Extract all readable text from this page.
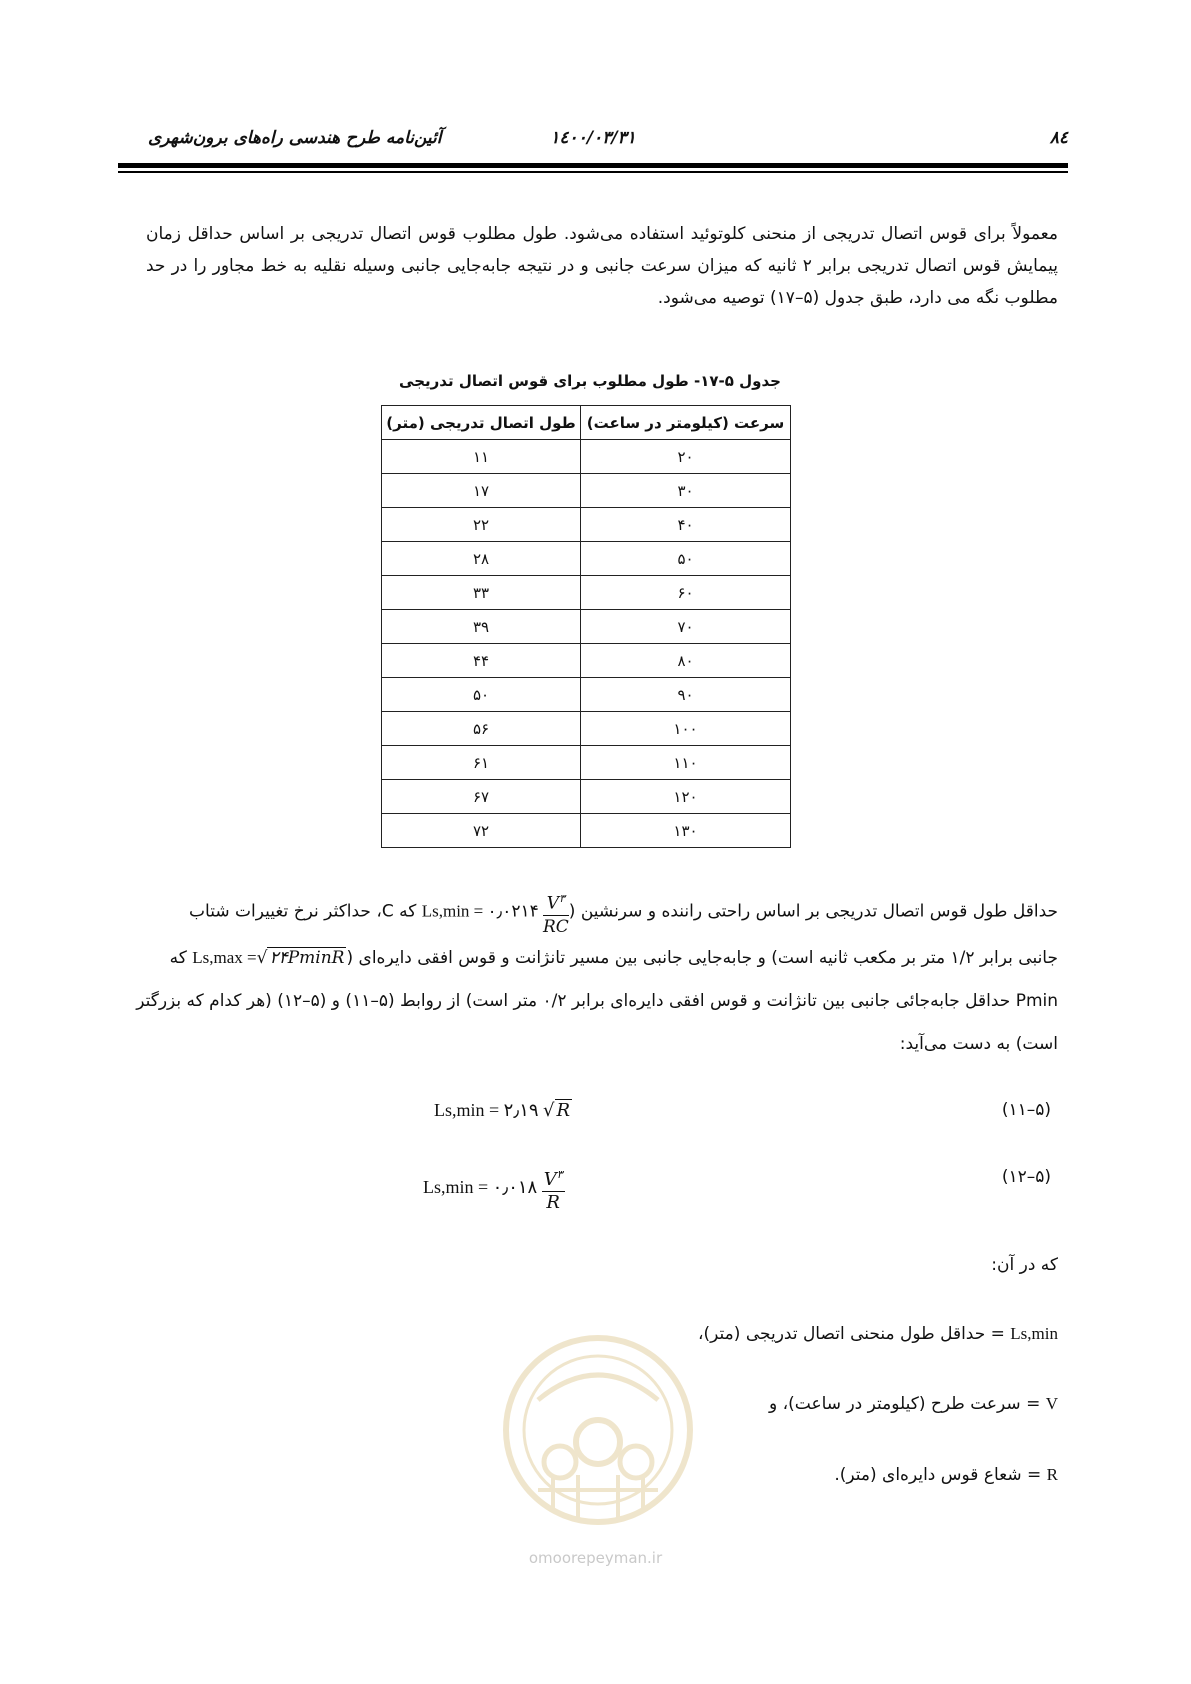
۸٤
۱٤۰۰/۰۳/۳۱
آئین‌نامه طرح هندسی راه‌های برون‌شهری
معمولاً برای قوس اتصال تدریجی از منحنی کلوتوئید استفاده می‌شود. طول مطلوب قوس اتصال تدریجی بر اساس حداقل زمان پیمایش قوس اتصال تدریجی برابر ۲ ثانیه که میزان سرعت جانبی و در نتیجه جابه‌جایی جانبی وسیله نقلیه به خط مجاور را در حد مطلوب نگه می دارد، طبق جدول (۵–۱۷) توصیه می‌شود.
جدول ۵-۱۷- طول مطلوب برای قوس اتصال تدریجی
سرعت (کیلومتر در ساعت)	طول اتصال تدریجی (متر)
۲۰	۱۱
۳۰	۱۷
۴۰	۲۲
۵۰	۲۸
۶۰	۳۳
۷۰	۳۹
۸۰	۴۴
۹۰	۵۰
۱۰۰	۵۶
۱۱۰	۶۱
۱۲۰	۶۷
۱۳۰	۷۲
حداقل طول قوس اتصال تدریجی بر اساس راحتی راننده و سرنشین (Ls,min = ۰٫۰۲۱۴ $\frac{V^۳}{RC}$
که C، حداکثر نرخ تغییرات شتاب
جانبی برابر ۱/۲ متر بر مکعب ثانیه است) و جابه‌جایی جانبی بین مسیر تانژانت و قوس افقی دایره‌ای (Ls,max =√ ۲۴PminR که
Pmin حداقل جابه‌جائی جانبی بین تانژانت و قوس افقی دایره‌ای برابر ۰/۲ متر است) از روابط (۵–۱۱) و (۵–۱۲) (هر کدام که بزرگتر
است) به دست می‌آید:
Ls,min = ۲٫۱۹ √ R	(۵–۱۱)
Ls,min = ۰٫۰۱۸ $\frac{V^۳}{R}$	(۵–۱۲)
که در آن:
Ls,min = حداقل طول منحنی اتصال تدریجی (متر)،
V = سرعت طرح (کیلومتر در ساعت)، و
R = شعاع قوس دایره‌ای (متر).
omoorepeyman.ir
